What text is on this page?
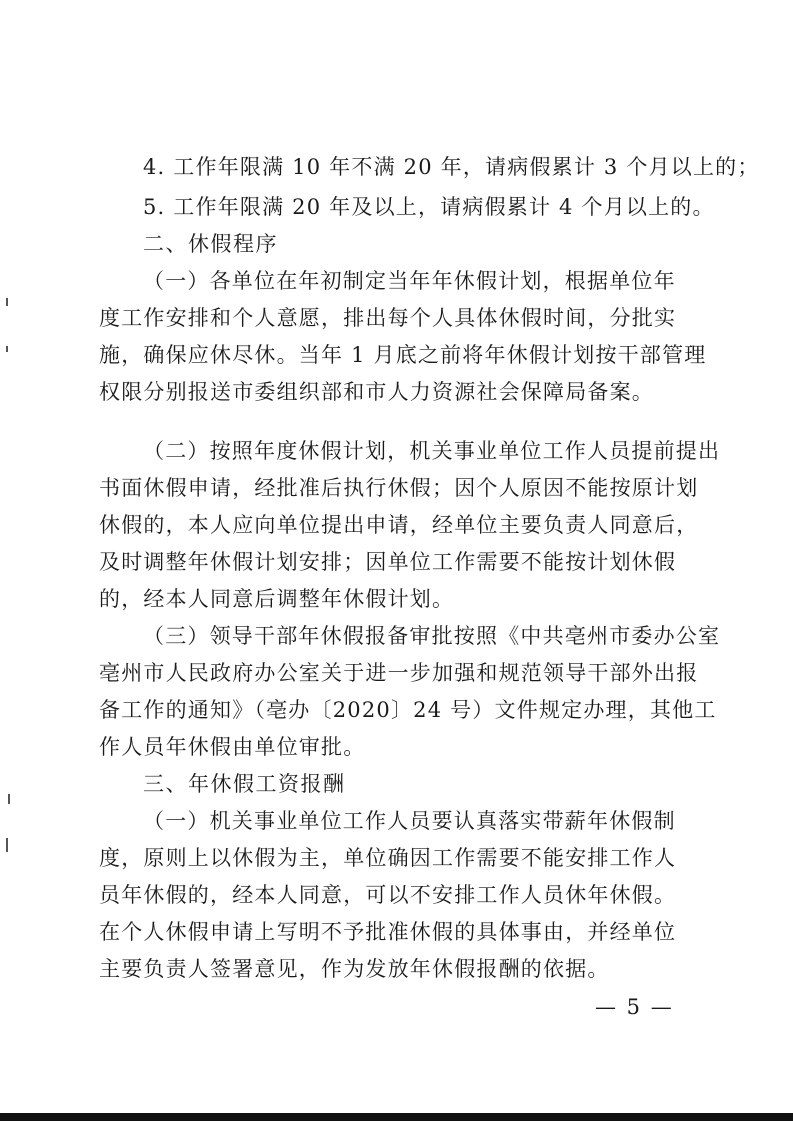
4. 工作年限满 10 年不满 20 年，请病假累计 3 个月以上的；
5. 工作年限满 20 年及以上，请病假累计 4 个月以上的。
二、休假程序
（一）各单位在年初制定当年年休假计划，根据单位年
度工作安排和个人意愿，排出每个人具体休假时间，分批实
施，确保应休尽休。当年 1 月底之前将年休假计划按干部管理
权限分别报送市委组织部和市人力资源社会保障局备案。
（二）按照年度休假计划，机关事业单位工作人员提前提出
书面休假申请，经批准后执行休假；因个人原因不能按原计划
休假的，本人应向单位提出申请，经单位主要负责人同意后，
及时调整年休假计划安排；因单位工作需要不能按计划休假
的，经本人同意后调整年休假计划。
（三）领导干部年休假报备审批按照《中共亳州市委办公室
亳州市人民政府办公室关于进一步加强和规范领导干部外出报
备工作的通知》（亳办〔2020〕24 号）文件规定办理，其他工
作人员年休假由单位审批。
三、年休假工资报酬
（一）机关事业单位工作人员要认真落实带薪年休假制
度，原则上以休假为主，单位确因工作需要不能安排工作人
员年休假的，经本人同意，可以不安排工作人员休年休假。
在个人休假申请上写明不予批准休假的具体事由，并经单位
主要负责人签署意见，作为发放年休假报酬的依据。
— 5 —
